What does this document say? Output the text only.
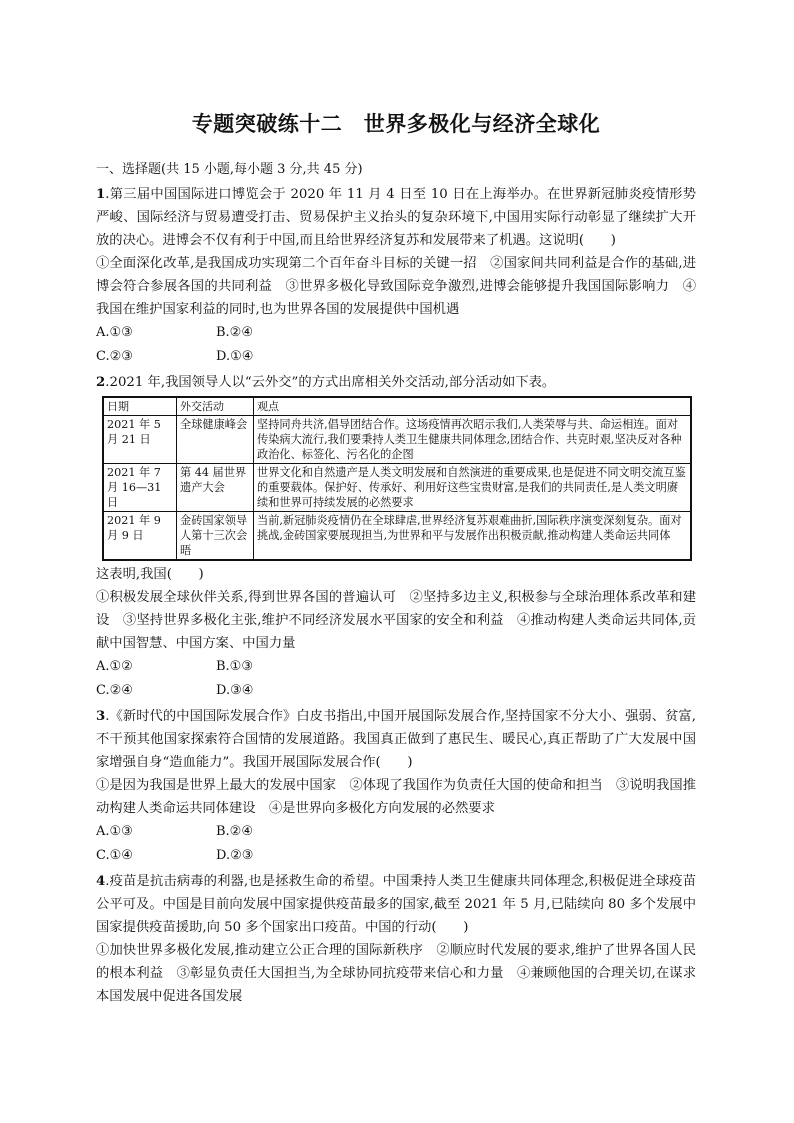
专题突破练十二　世界多极化与经济全球化
一、选择题(共 15 小题,每小题 3 分,共 45 分)
1.第三届中国国际进口博览会于 2020 年 11 月 4 日至 10 日在上海举办。在世界新冠肺炎疫情形势严峻、国际经济与贸易遭受打击、贸易保护主义抬头的复杂环境下,中国用实际行动彰显了继续扩大开放的决心。进博会不仅有利于中国,而且给世界经济复苏和发展带来了机遇。这说明(　　)
①全面深化改革,是我国成功实现第二个百年奋斗目标的关键一招　②国家间共同利益是合作的基础,进博会符合参展各国的共同利益　③世界多极化导致国际竞争激烈,进博会能够提升我国国际影响力　④我国在维护国家利益的同时,也为世界各国的发展提供中国机遇
A.①③	B.②④
C.②③	D.①④
2.2021 年,我国领导人以“云外交”的方式出席相关外交活动,部分活动如下表。
日期	外交活动	观点
2021 年 5 月 21 日	全球健康峰会	坚持同舟共济,倡导团结合作。这场疫情再次昭示我们,人类荣辱与共、命运相连。面对传染病大流行,我们要秉持人类卫生健康共同体理念,团结合作、共克时艰,坚决反对各种政治化、标签化、污名化的企图
2021 年 7 月 16—31 日	第 44 届世界遗产大会	世界文化和自然遗产是人类文明发展和自然演进的重要成果,也是促进不同文明交流互鉴的重要载体。保护好、传承好、利用好这些宝贵财富,是我们的共同责任,是人类文明赓续和世界可持续发展的必然要求
2021 年 9 月 9 日	金砖国家领导人第十三次会晤	当前,新冠肺炎疫情仍在全球肆虐,世界经济复苏艰难曲折,国际秩序演变深刻复杂。面对挑战,金砖国家要展现担当,为世界和平与发展作出积极贡献,推动构建人类命运共同体
这表明,我国(　　)
①积极发展全球伙伴关系,得到世界各国的普遍认可　②坚持多边主义,积极参与全球治理体系改革和建设　③坚持世界多极化主张,维护不同经济发展水平国家的安全和利益　④推动构建人类命运共同体,贡献中国智慧、中国方案、中国力量
A.①②	B.①③
C.②④	D.③④
3.《新时代的中国国际发展合作》白皮书指出,中国开展国际发展合作,坚持国家不分大小、强弱、贫富,不干预其他国家探索符合国情的发展道路。我国真正做到了惠民生、暖民心,真正帮助了广大发展中国家增强自身“造血能力”。我国开展国际发展合作(　　)
①是因为我国是世界上最大的发展中国家　②体现了我国作为负责任大国的使命和担当　③说明我国推动构建人类命运共同体建设　④是世界向多极化方向发展的必然要求
A.①③	B.②④
C.①④	D.②③
4.疫苗是抗击病毒的利器,也是拯救生命的希望。中国秉持人类卫生健康共同体理念,积极促进全球疫苗公平可及。中国是目前向发展中国家提供疫苗最多的国家,截至 2021 年 5 月,已陆续向 80 多个发展中国家提供疫苗援助,向 50 多个国家出口疫苗。中国的行动(　　)
①加快世界多极化发展,推动建立公正合理的国际新秩序　②顺应时代发展的要求,维护了世界各国人民的根本利益　③彰显负责任大国担当,为全球协同抗疫带来信心和力量　④兼顾他国的合理关切,在谋求本国发展中促进各国发展
